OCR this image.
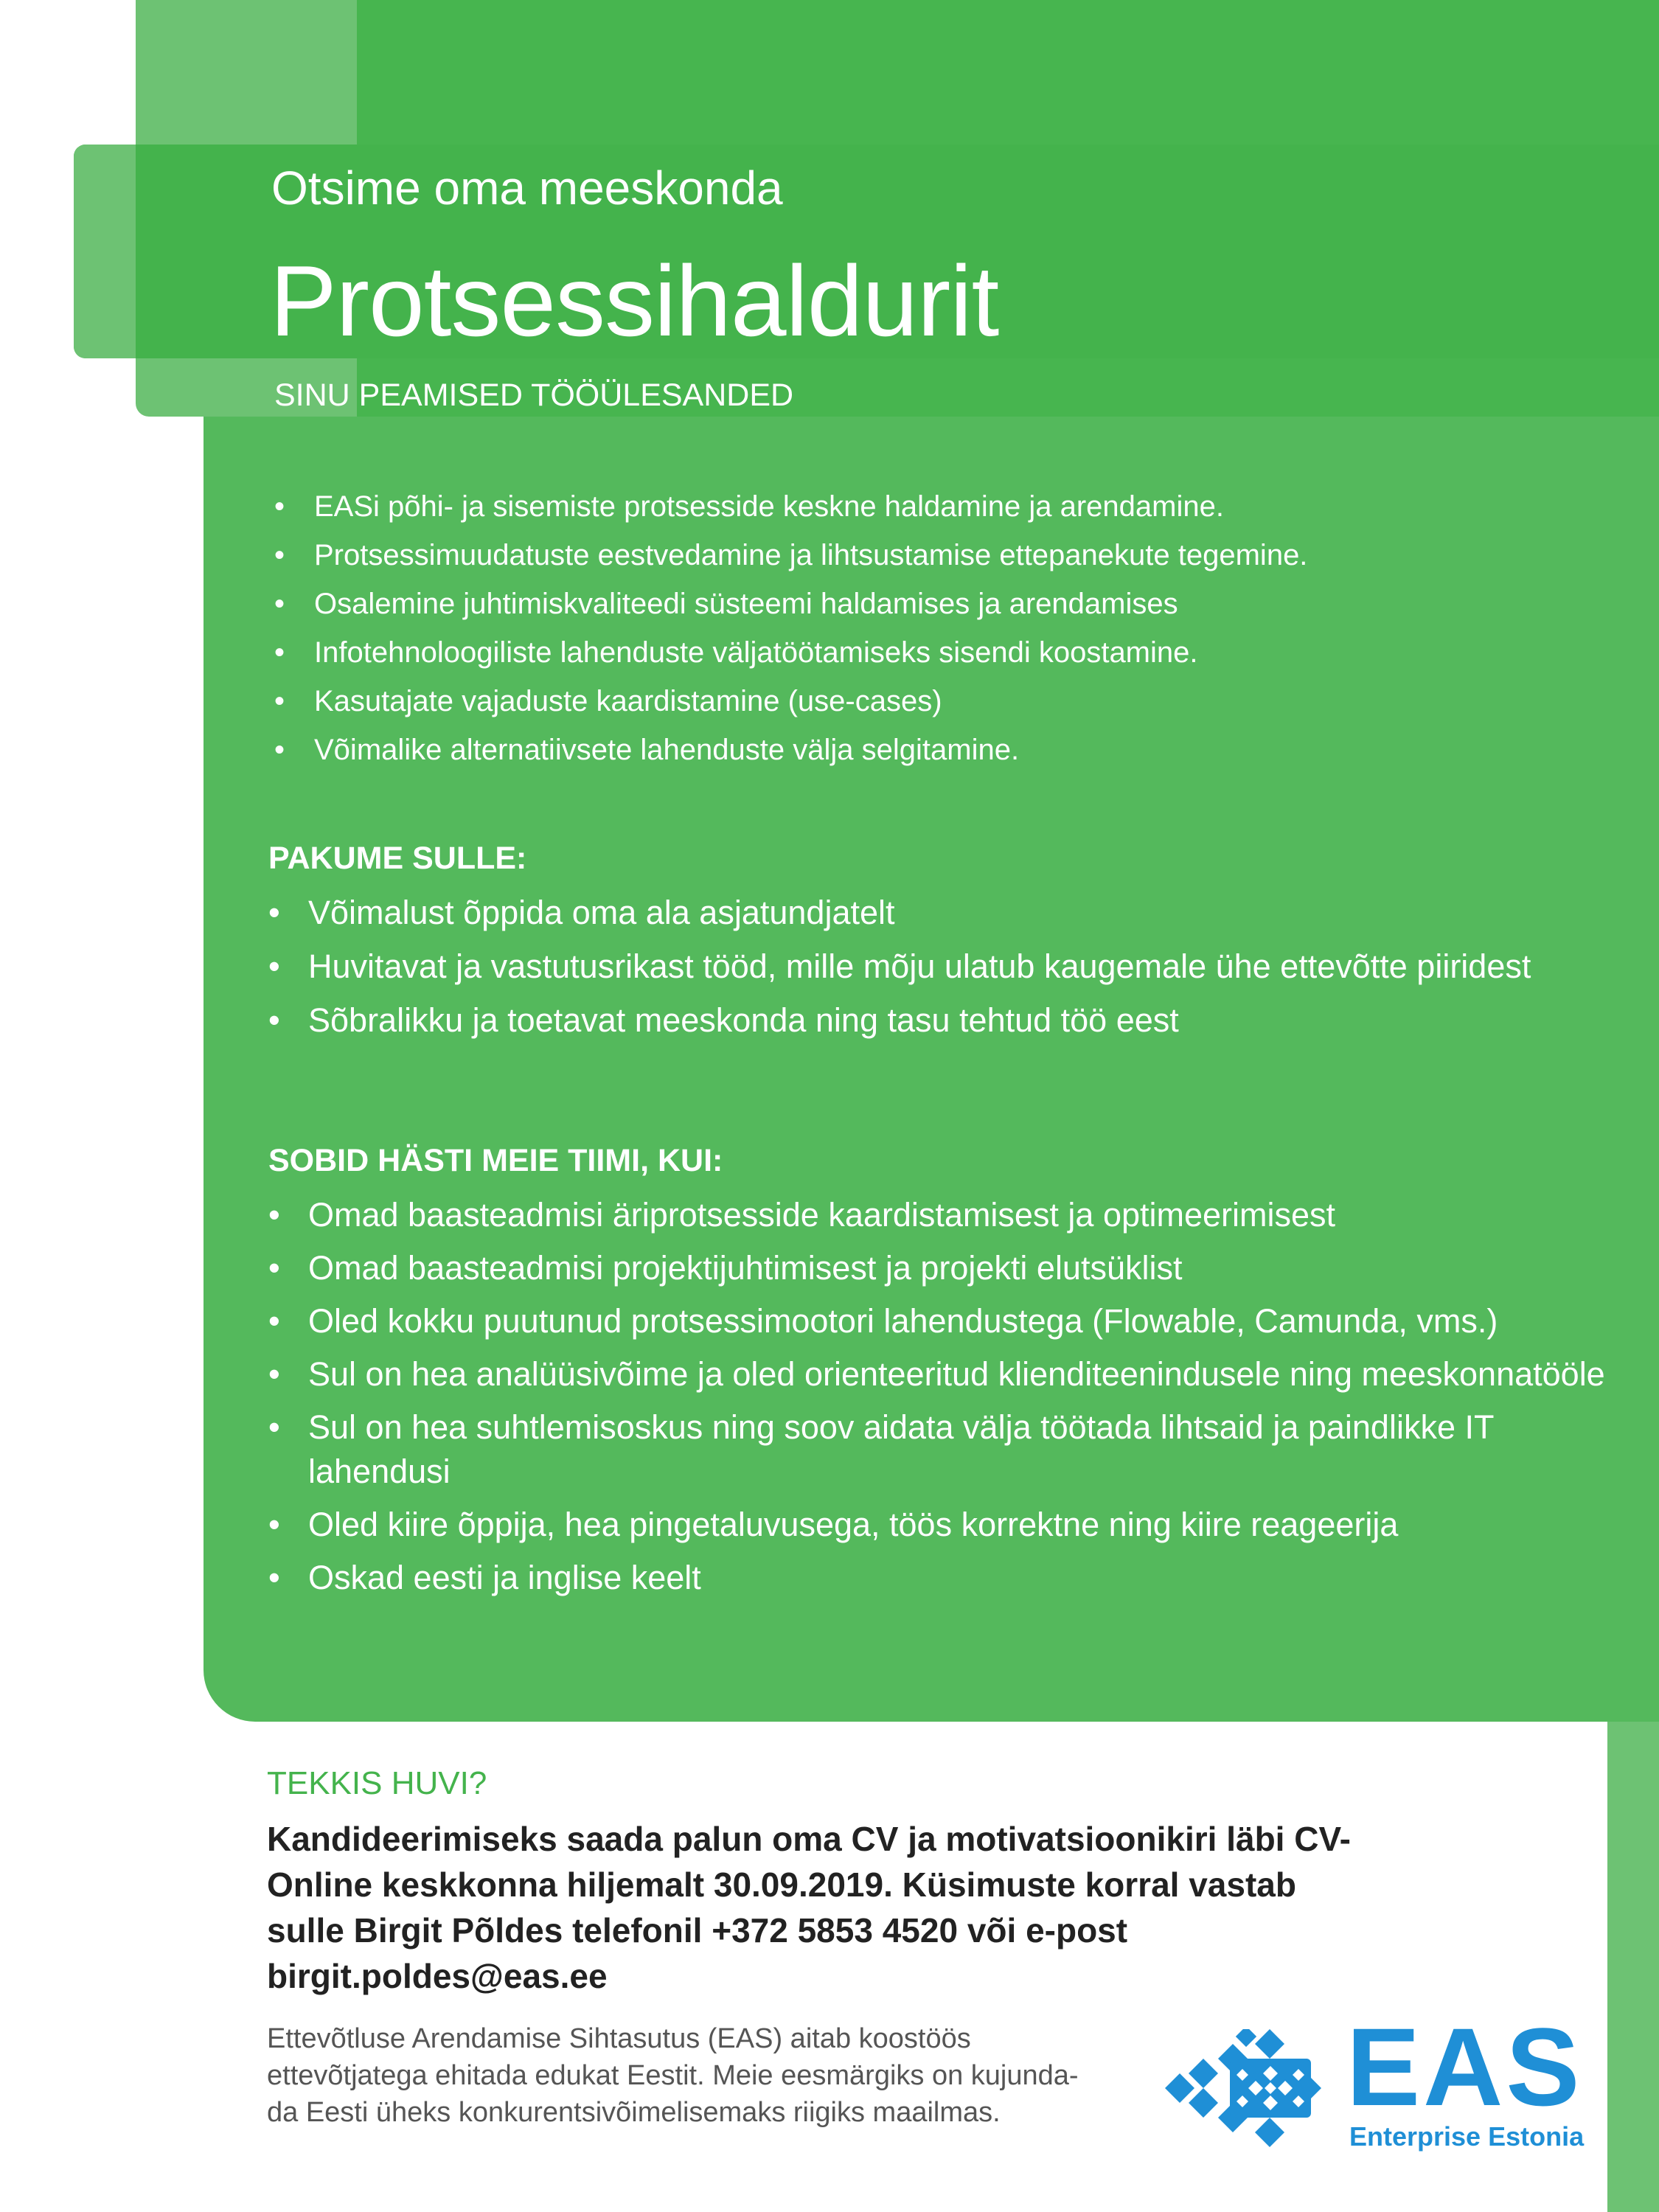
Otsime oma meeskonda
Protsessihaldurit
SINU PEAMISED TÖÖÜLESANDED
• EASi põhi- ja sisemiste protsesside keskne haldamine ja arendamine.
• Protsessimuudatuste eestvedamine ja lihtsustamise ettepanekute tegemine.
• Osalemine juhtimiskvaliteedi süsteemi haldamises ja arendamises
• Infotehnoloogiliste lahenduste väljatöötamiseks sisendi koostamine.
• Kasutajate vajaduste kaardistamine (use-cases)
• Võimalike alternatiivsete lahenduste välja selgitamine.
PAKUME SULLE:
• Võimalust õppida oma ala asjatundjatelt
• Huvitavat ja vastutusrikast tööd, mille mõju ulatub kaugemale ühe ettevõtte piiridest
• Sõbralikku ja toetavat meeskonda ning tasu tehtud töö eest
SOBID HÄSTI MEIE TIIMI, KUI:
• Omad baasteadmisi äriprotsesside kaardistamisest ja optimeerimisest
• Omad baasteadmisi projektijuhtimisest ja projekti elutsüklist
• Oled kokku puutunud protsessimootori lahendustega (Flowable, Camunda, vms.)
• Sul on hea analüüsivõime ja oled orienteeritud klienditeenindusele ning meeskonnatööle
• Sul on hea suhtlemisoskus ning soov aidata välja töötada lihtsaid ja paindlikke IT lahendusi
• Oled kiire õppija, hea pingetaluvusega, töös korrektne ning kiire reageerija
• Oskad eesti ja inglise keelt
TEKKIS HUVI?
Kandideerimiseks saada palun oma CV ja motivatsioonikiri läbi CV-
Online keskkonna hiljemalt 30.09.2019. Küsimuste korral vastab
sulle Birgit Põldes telefonil +372 5853 4520 või e-post
birgit.poldes@eas.ee
Ettevõtluse Arendamise Sihtasutus (EAS) aitab koostöös
ettevõtjatega ehitada edukat Eestit. Meie eesmärgiks on kujunda-
da Eesti üheks konkurentsivõimelisemaks riigiks maailmas.	EAS
Enterprise Estonia
